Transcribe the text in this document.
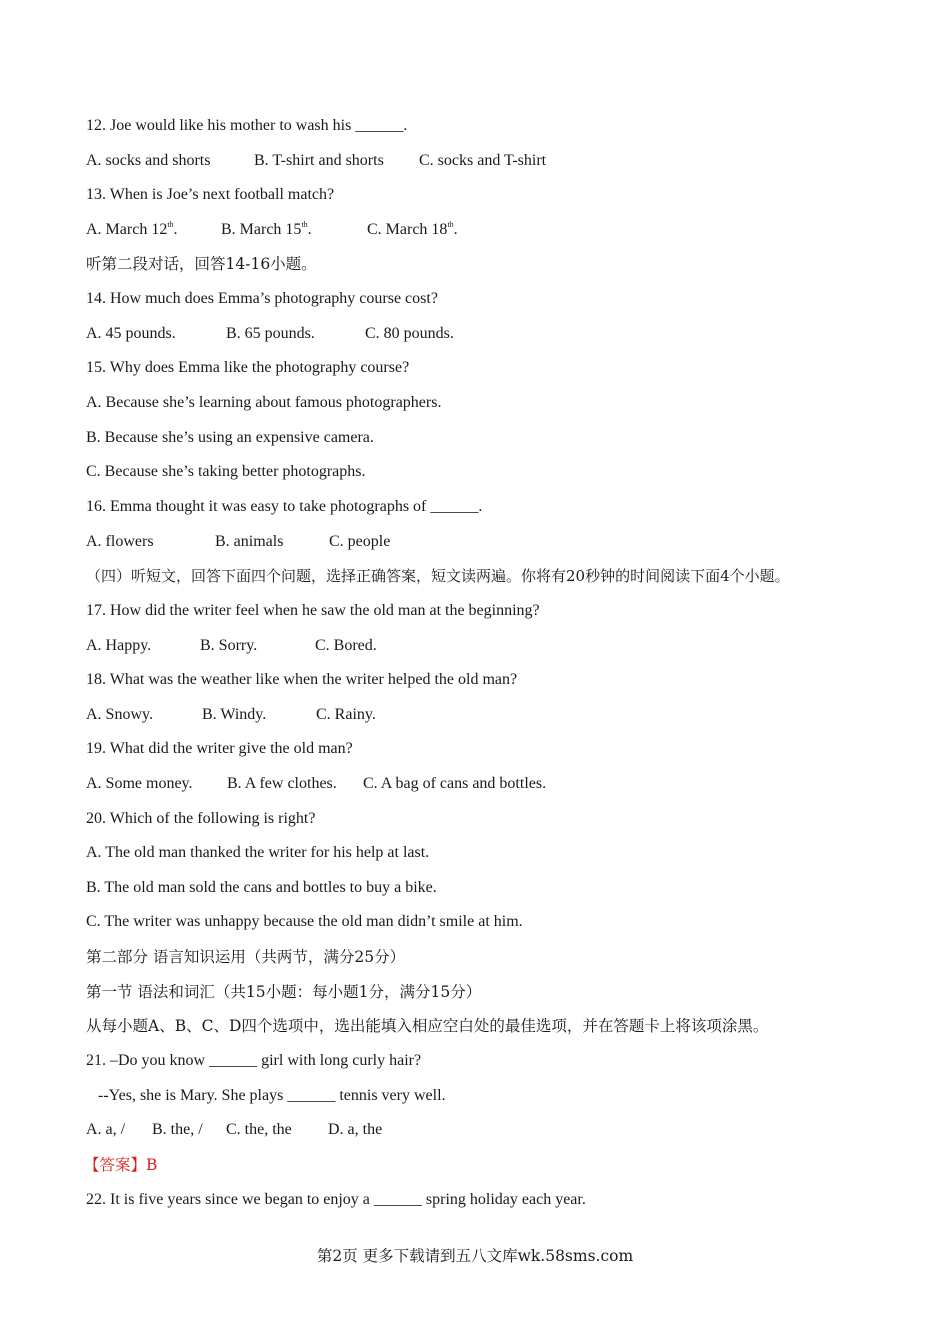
12. Joe would like his mother to wash his ______.
A. socks and shorts	B. T-shirt and shorts C. socks and T-shirt
13. When is Joe’s next football match?
A. March 12th.	B. March 15th.	C. March 18th.
听第二段对话，回答14-16小题。
14. How much does Emma’s photography course cost?
A. 45 pounds.	B. 65 pounds.	C. 80 pounds.
15. Why does Emma like the photography course?
A. Because she’s learning about famous photographers.
B. Because she’s using an expensive camera.
C. Because she’s taking better photographs.
16. Emma thought it was easy to take photographs of ______.
A. flowers	B. animals	C. people
（四）听短文，回答下面四个问题，选择正确答案，短文读两遍。你将有20秒钟的时间阅读下面4个小题。
17. How did the writer feel when he saw the old man at the beginning?
A. Happy.	B. Sorry.	C. Bored.
18. What was the weather like when the writer helped the old man?
A. Snowy.	B. Windy.	C. Rainy.
19. What did the writer give the old man?
A. Some money. B. A few clothes. C. A bag of cans and bottles.
20. Which of the following is right?
A. The old man thanked the writer for his help at last.
B. The old man sold the cans and bottles to buy a bike.
C. The writer was unhappy because the old man didn’t smile at him.
第二部分 语言知识运用（共两节，满分25分）
第一节 语法和词汇（共15小题：每小题1分，满分15分）
从每小题A、B、C、D四个选项中，选出能填入相应空白处的最佳选项，并在答题卡上将该项涂黑。
21. –Do you know ______ girl with long curly hair?
--Yes, she is Mary. She plays ______ tennis very well.
A. a, / B. the, / C. the, the D. a, the
【答案】B
22. It is five years since we began to enjoy a ______ spring holiday each year.
第2页 更多下载请到五八文库wk.58sms.com
